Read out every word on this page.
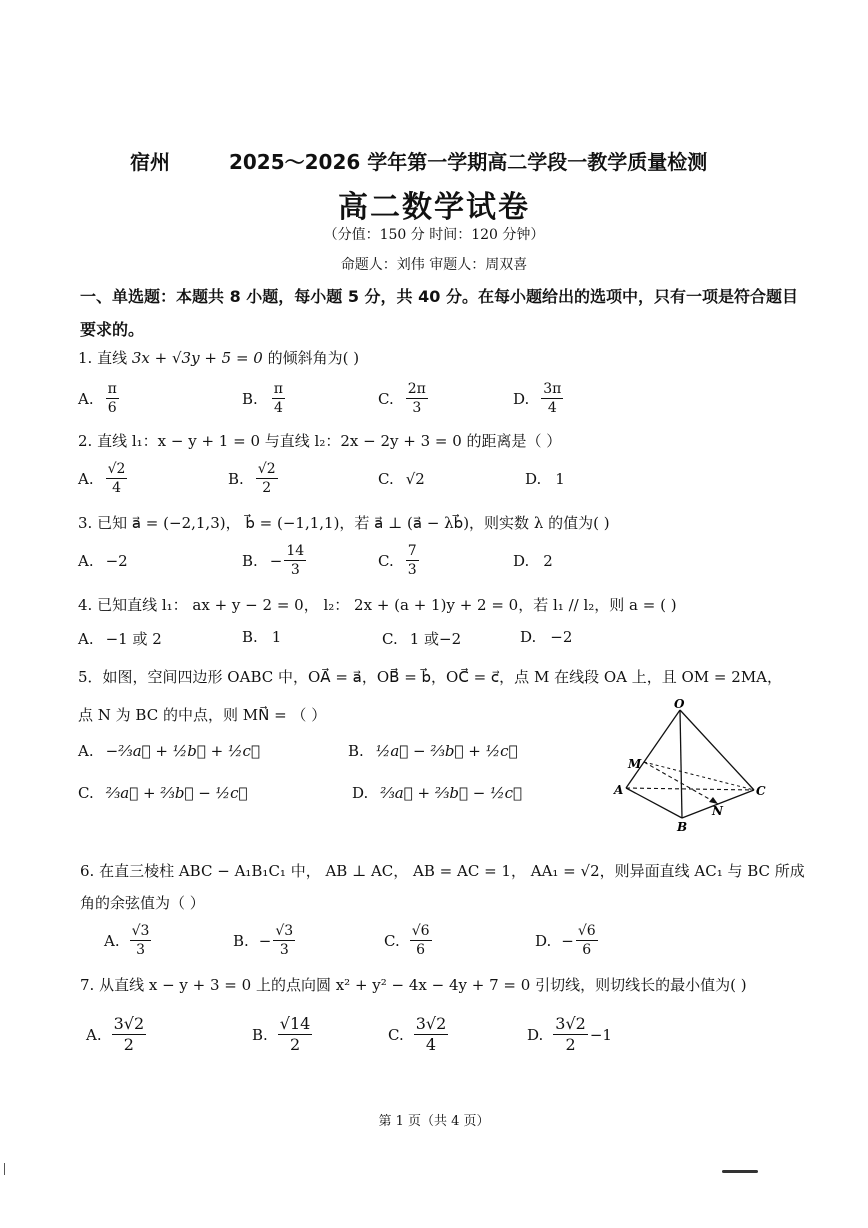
宿州	2025～2026 学年第一学期高二学段一教学质量检测
高二数学试卷
（分值：150 分 时间：120 分钟）
命题人：刘伟 审题人：周双喜
一、单选题：本题共 8 小题，每小题 5 分，共 40 分。在每小题给出的选项中，只有一项是符合题目要求的。
1. 直线 3x + √3y + 5 = 0 的倾斜角为( )
A. $\frac{\pi}{6}$	B. $\frac{\pi}{4}$	C. $\frac{2\pi}{3}$	D. $\frac{3\pi}{4}$
2. 直线 l₁：x − y + 1 = 0 与直线 l₂：2x − 2y + 3 = 0 的距离是（ ）
A. $\frac{√2}{4}$	B. $\frac{√2}{2}$	C. √2	D. 1
3. 已知 a⃗ = (−2,1,3)， b⃗ = (−1,1,1)，若 a⃗ ⊥ (a⃗ − λb⃗)，则实数 λ 的值为( )
A. −2	B. − $\frac{14}{3}$	C. $\frac{7}{3}$	D. 2
4. 已知直线 l₁： ax + y − 2 = 0， l₂： 2x + (a + 1)y + 2 = 0，若 l₁ // l₂，则 a = ( )
A. −1 或 2	B. 1	C. 1 或−2	D. −2
5．如图，空间四边形 OABC 中，OA⃗ = a⃗，OB⃗ = b⃗，OC⃗ = c⃗，点 M 在线段 OA 上，且 OM = 2MA，
点 N 为 BC 的中点，则 MN⃗ = （ ）
A. −⅔a⃗ + ½b⃗ + ½c⃗	B. ½a⃗ − ⅔b⃗ + ½c⃗
C. ⅔a⃗ + ⅔b⃗ − ½c⃗	D. ⅔a⃗ + ⅔b⃗ − ½c⃗
O
M
A
B
C
N
6. 在直三棱柱 ABC − A₁B₁C₁ 中， AB ⊥ AC， AB = AC = 1， AA₁ = √2，则异面直线 AC₁ 与 BC 所成
角的余弦值为（ ）
A. $\frac{√3}{3}$	B. − $\frac{√3}{3}$	C. $\frac{√6}{6}$	D. − $\frac{√6}{6}$
7. 从直线 x − y + 3 = 0 上的点向圆 x² + y² − 4x − 4y + 7 = 0 引切线，则切线长的最小值为( )
A. $\frac{3√2}{2}$	B. $\frac{√14}{2}$	C. $\frac{3√2}{4}$	D. $\frac{3√2}{2} -1$
第 1 页（共 4 页）
